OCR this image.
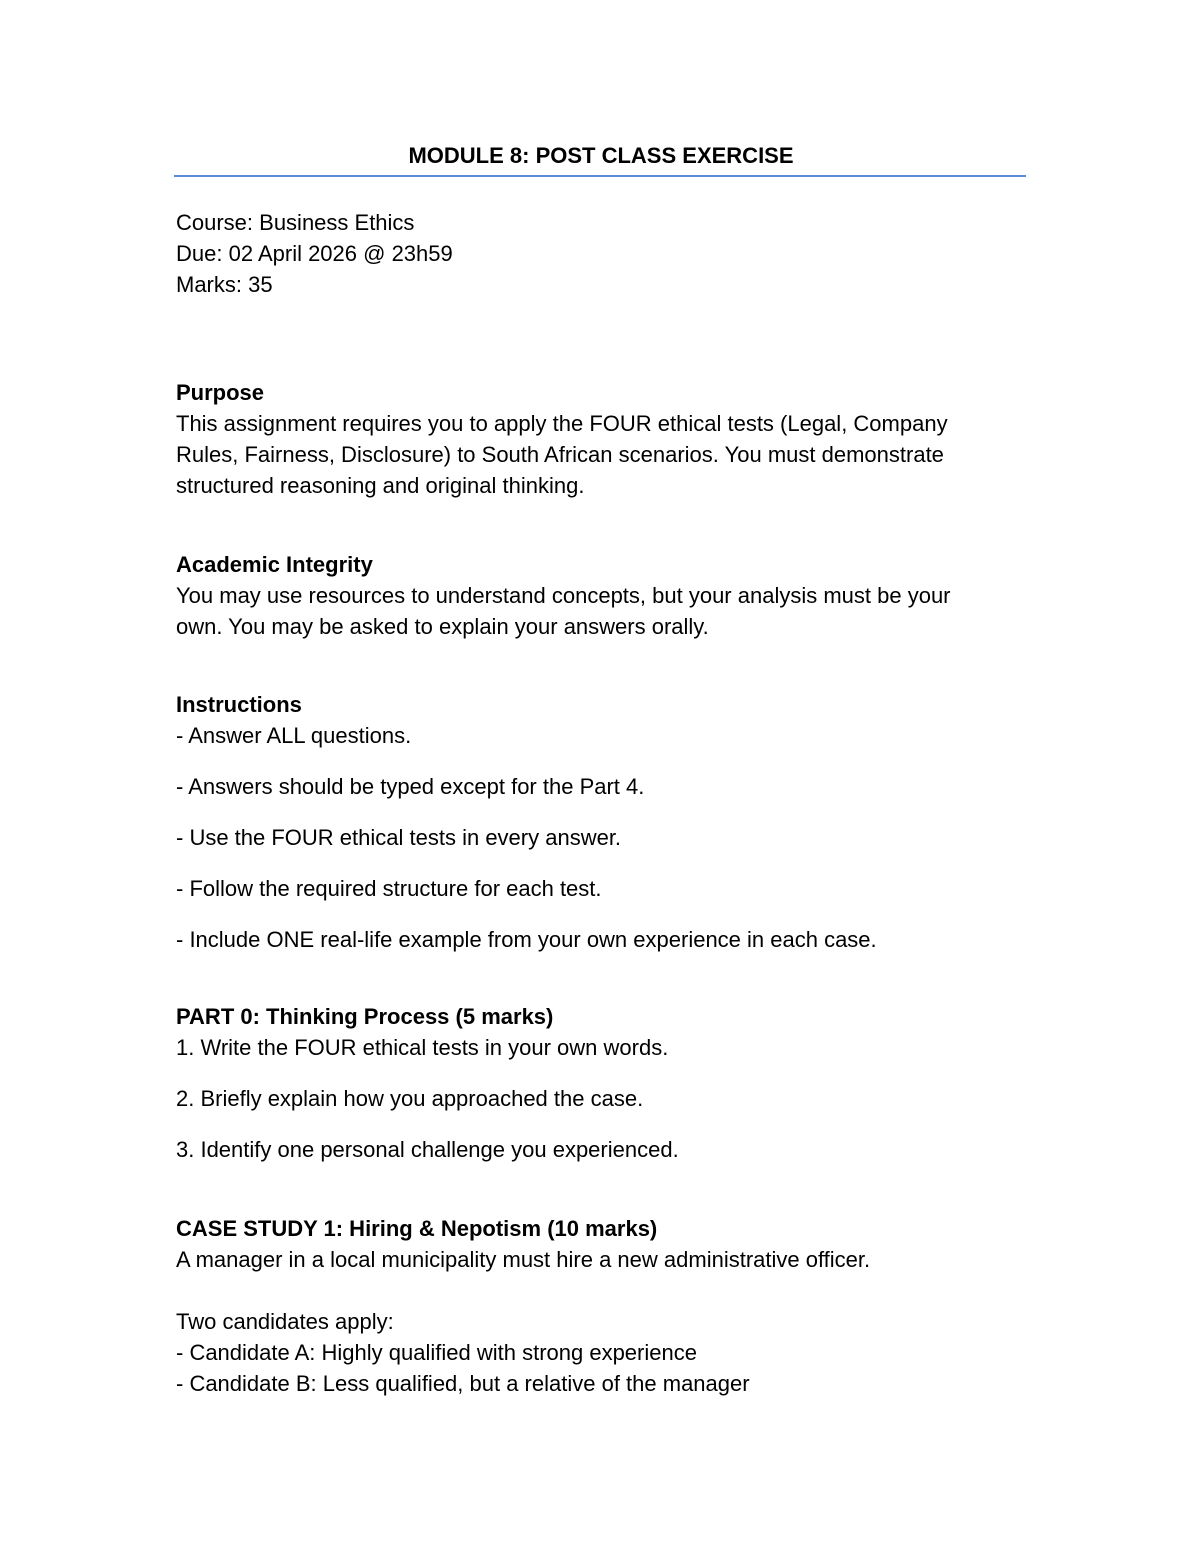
MODULE 8: POST CLASS EXERCISE
Course: Business Ethics
Due: 02 April 2026 @ 23h59
Marks: 35
Purpose
This assignment requires you to apply the FOUR ethical tests (Legal, Company
Rules, Fairness, Disclosure) to South African scenarios. You must demonstrate
structured reasoning and original thinking.
Academic Integrity
You may use resources to understand concepts, but your analysis must be your
own. You may be asked to explain your answers orally.
Instructions
- Answer ALL questions.
- Answers should be typed except for the Part 4.
- Use the FOUR ethical tests in every answer.
- Follow the required structure for each test.
- Include ONE real-life example from your own experience in each case.
PART 0: Thinking Process (5 marks)
1. Write the FOUR ethical tests in your own words.
2. Briefly explain how you approached the case.
3. Identify one personal challenge you experienced.
CASE STUDY 1: Hiring & Nepotism (10 marks)
A manager in a local municipality must hire a new administrative officer.
Two candidates apply:
- Candidate A: Highly qualified with strong experience
- Candidate B: Less qualified, but a relative of the manager
